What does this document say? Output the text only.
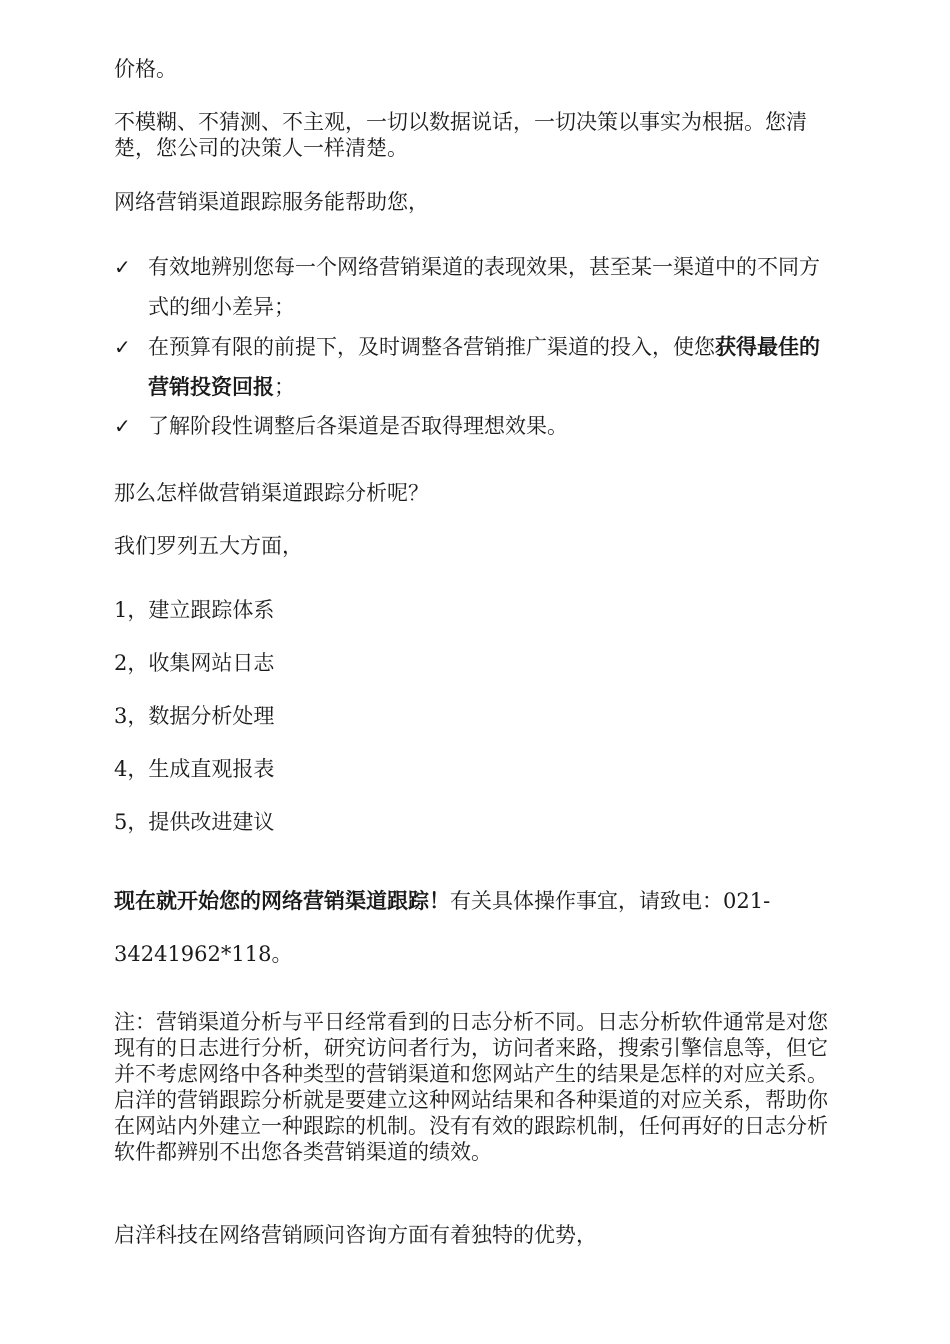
价格。
不模糊、不猜测、不主观，一切以数据说话，一切决策以事实为根据。您清楚，您公司的决策人一样清楚。
网络营销渠道跟踪服务能帮助您，
✓ 有效地辨别您每一个网络营销渠道的表现效果，甚至某一渠道中的不同方式的细小差异；
✓ 在预算有限的前提下，及时调整各营销推广渠道的投入，使您获得最佳的营销投资回报；
✓ 了解阶段性调整后各渠道是否取得理想效果。
那么怎样做营销渠道跟踪分析呢？
我们罗列五大方面，
1，建立跟踪体系
2，收集网站日志
3，数据分析处理
4，生成直观报表
5，提供改进建议
现在就开始您的网络营销渠道跟踪！有关具体操作事宜，请致电：021-
34241962*118。
注：营销渠道分析与平日经常看到的日志分析不同。日志分析软件通常是对您现有的日志进行分析，研究访问者行为，访问者来路，搜索引擎信息等，但它并不考虑网络中各种类型的营销渠道和您网站产生的结果是怎样的对应关系。启洋的营销跟踪分析就是要建立这种网站结果和各种渠道的对应关系，帮助你在网站内外建立一种跟踪的机制。没有有效的跟踪机制，任何再好的日志分析软件都辨别不出您各类营销渠道的绩效。
启洋科技在网络营销顾问咨询方面有着独特的优势，
